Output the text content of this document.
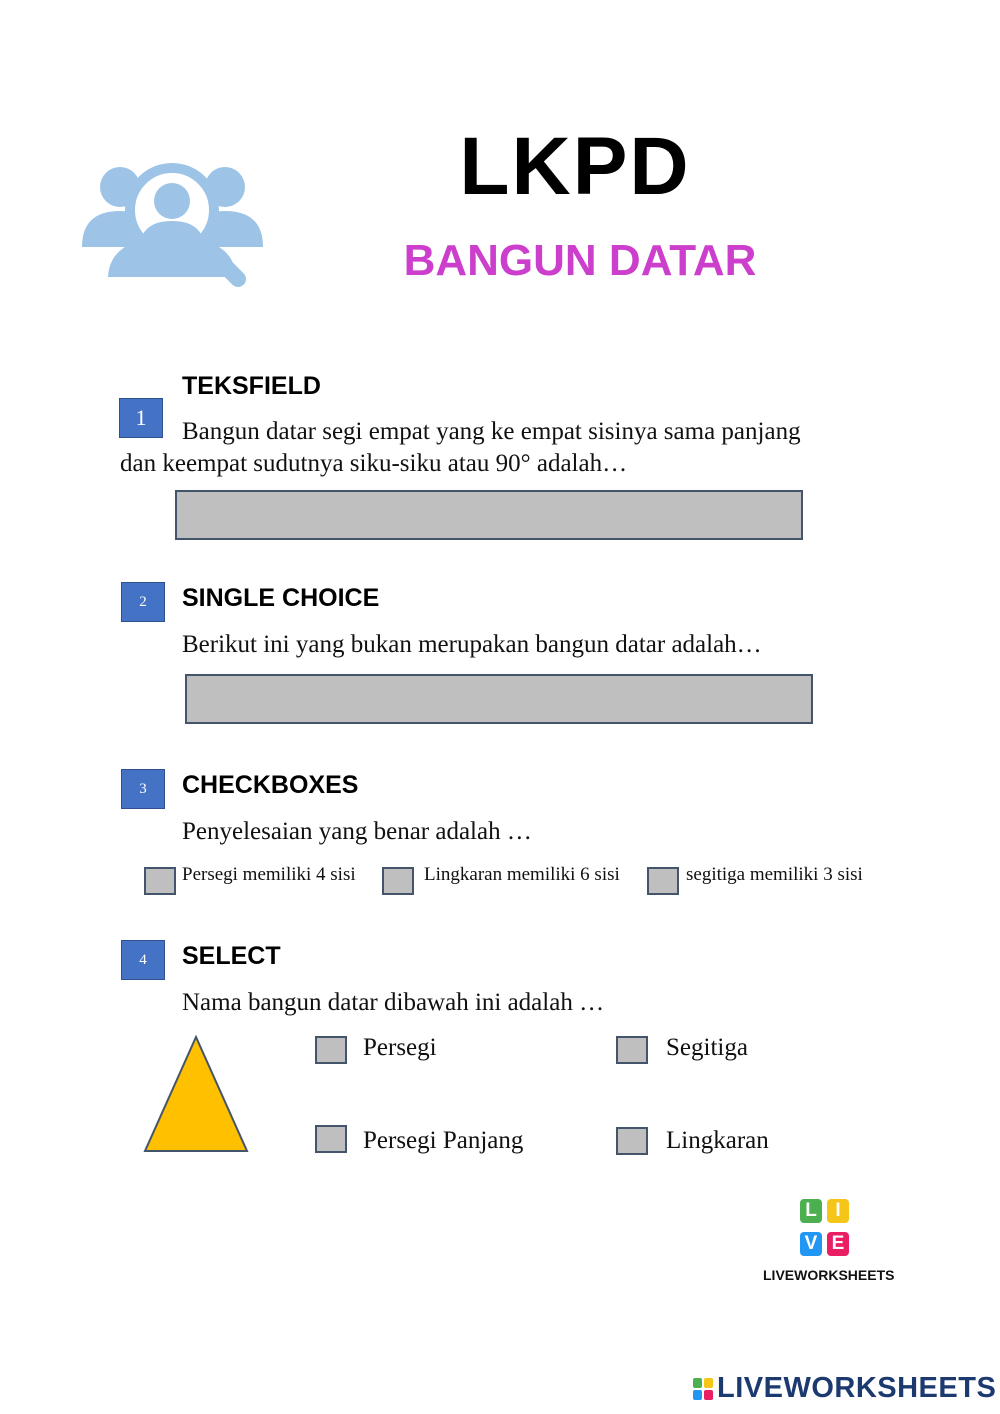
LKPD
BANGUN DATAR
TEKSFIELD
1
Bangun datar segi empat yang ke empat sisinya sama panjang
dan keempat sudutnya siku-siku atau 90° adalah…
2	SINGLE CHOICE
Berikut ini yang bukan merupakan bangun datar adalah…
3	CHECKBOXES
Penyelesaian yang benar adalah …
Persegi memiliki 4 sisi	Lingkaran memiliki 6 sisi	segitiga memiliki 3 sisi
4	SELECT
Nama bangun datar dibawah ini adalah …
Persegi	Segitiga
Persegi Panjang	Lingkaran
L I
V E
LIVEWORKSHEETS
LIVEWORKSHEETS
